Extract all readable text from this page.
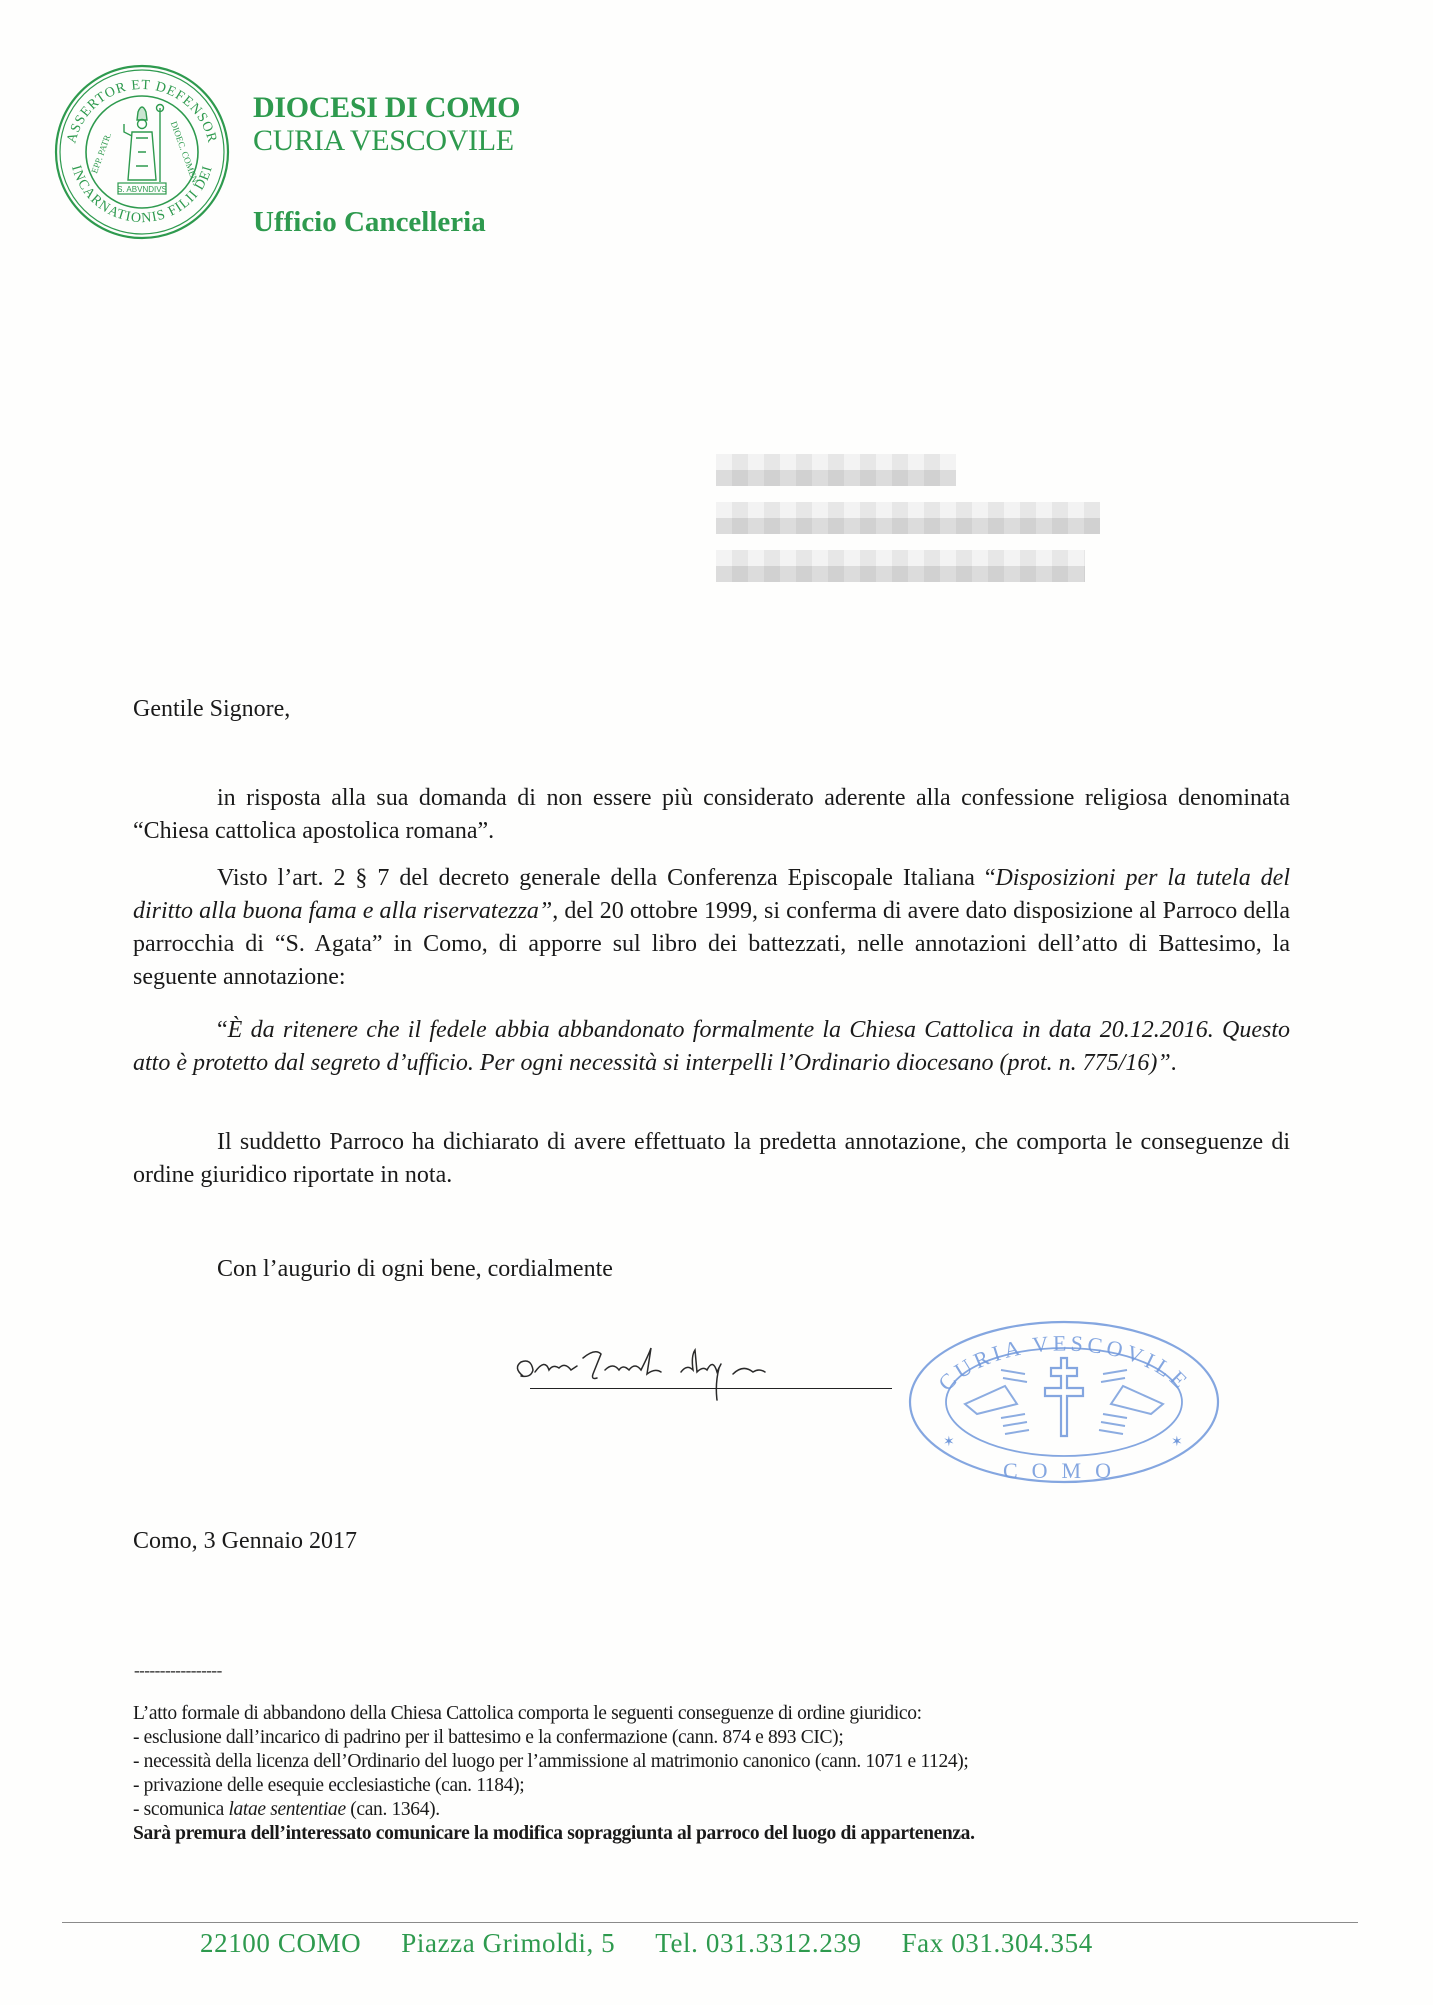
ASSERTOR ET DEFENSOR
INCARNATIONIS FILII DEI
EPP. PATR.	DIOEC. COMEN.
S. ABVNDIVS
DIOCESI DI COMO
CURIA VESCOVILE
Ufficio Cancelleria

Gentile Signore,

in risposta alla sua domanda di non essere più considerato aderente alla confessione religiosa denominata “Chiesa cattolica apostolica romana”.

Visto l’art. 2 § 7 del decreto generale della Conferenza Episcopale Italiana “Disposizioni per la tutela del diritto alla buona fama e alla riservatezza”, del 20 ottobre 1999, si conferma di avere dato disposizione al Parroco della parrocchia di “S. Agata” in Como, di apporre sul libro dei battezzati, nelle annotazioni dell’atto di Battesimo, la seguente annotazione:

“È da ritenere che il fedele abbia abbandonato formalmente la Chiesa Cattolica in data 20.12.2016. Questo atto è protetto dal segreto d’ufficio. Per ogni necessità si interpelli l’Ordinario diocesano (prot. n. 775/16)”.

Il suddetto Parroco ha dichiarato di avere effettuato la predetta annotazione, che comporta le conseguenze di ordine giuridico riportate in nota.

Con l’augurio di ogni bene, cordialmente

CURIA VESCOVILE
COMO
✶	✶

Como, 3 Gennaio 2017

-----------------
L’atto formale di abbandono della Chiesa Cattolica comporta le seguenti conseguenze di ordine giuridico:
- esclusione dall’incarico di padrino per il battesimo e la confermazione (cann. 874 e 893 CIC);
- necessità della licenza dell’Ordinario del luogo per l’ammissione al matrimonio canonico (cann. 1071 e 1124);
- privazione delle esequie ecclesiastiche (can. 1184);
- scomunica latae sententiae (can. 1364).
Sarà premura dell’interessato comunicare la modifica sopraggiunta al parroco del luogo di appartenenza.
22100 COMO Piazza Grimoldi, 5 Tel. 031.3312.239 Fax 031.304.354
